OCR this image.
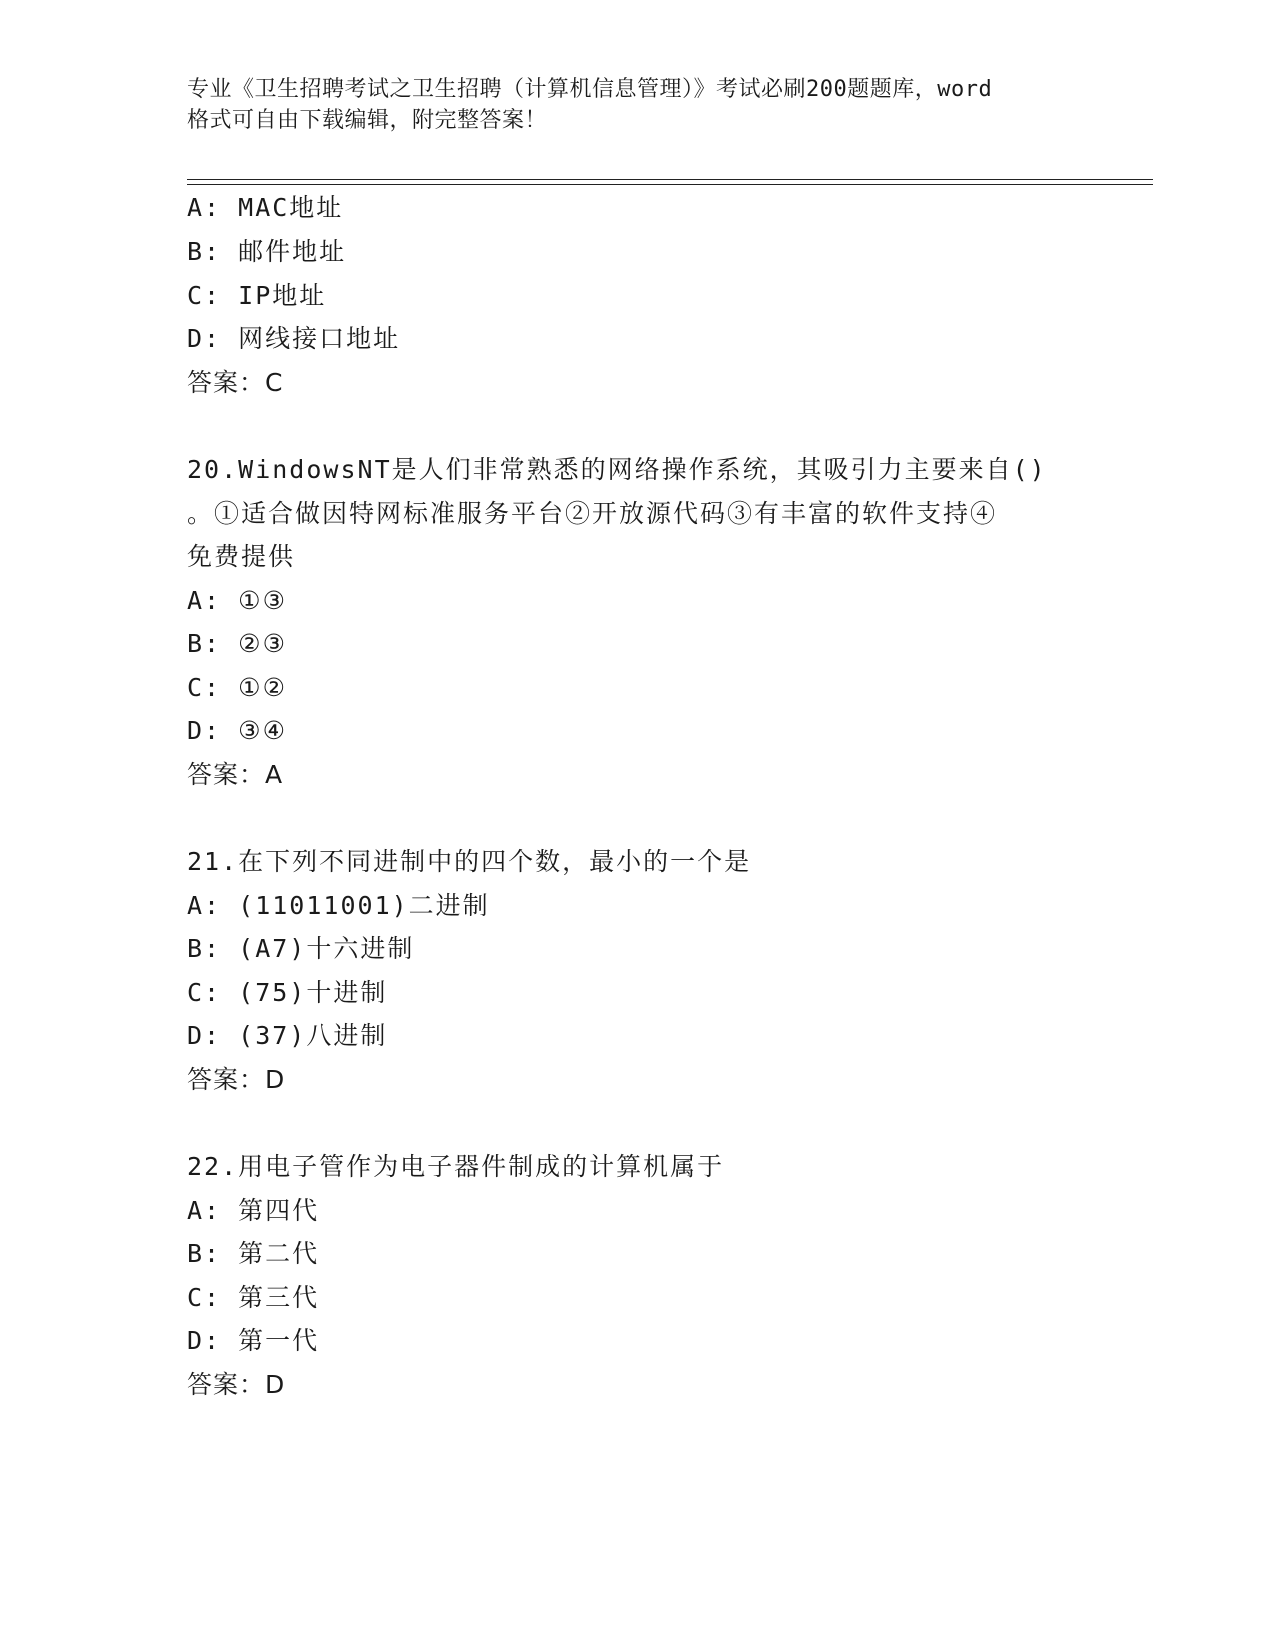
专业《卫生招聘考试之卫生招聘（计算机信息管理）》考试必刷200题题库，word
格式可自由下载编辑，附完整答案！
A: MAC地址
B: 邮件地址
C: IP地址
D: 网线接口地址
答案：C
20.WindowsNT是人们非常熟悉的网络操作系统，其吸引力主要来自()
。①适合做因特网标准服务平台②开放源代码③有丰富的软件支持④
免费提供
A: ①③
B: ②③
C: ①②
D: ③④
答案：A
21.在下列不同进制中的四个数，最小的一个是
A: (11011001)二进制
B: (A7)十六进制
C: (75)十进制
D: (37)八进制
答案：D
22.用电子管作为电子器件制成的计算机属于
A: 第四代
B: 第二代
C: 第三代
D: 第一代
答案：D
